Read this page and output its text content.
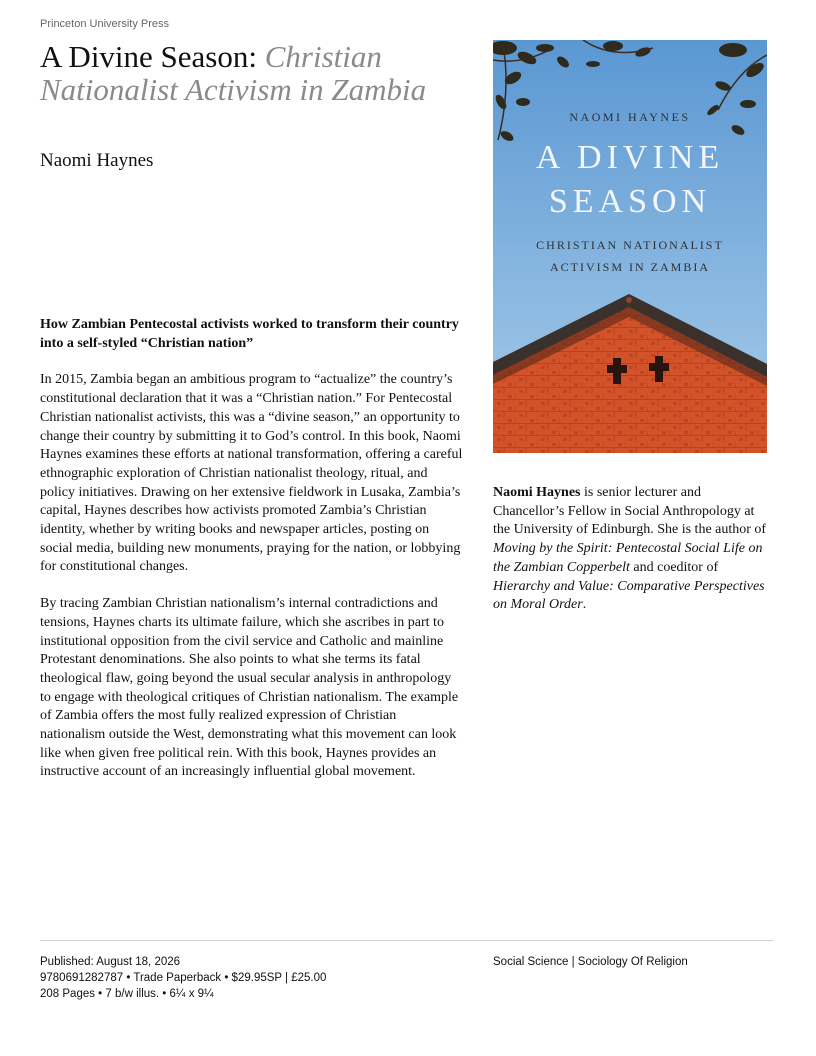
Princeton University Press
A Divine Season: Christian Nationalist Activism in Zambia
Naomi Haynes

How Zambian Pentecostal activists worked to transform their country into a self-styled “Christian nation”

In 2015, Zambia began an ambitious program to “actualize” the country’s constitutional declaration that it was a “Christian nation.” For Pentecostal Christian nationalist activists, this was a “divine season,” an opportunity to change their country by submitting it to God’s control. In this book, Naomi Haynes examines these efforts at national transformation, offering a careful ethnographic exploration of Christian nationalist theology, ritual, and policy initiatives. Drawing on her extensive fieldwork in Lusaka, Zambia’s capital, Haynes describes how activists promoted Zambia’s Christian identity, whether by writing books and newspaper articles, posting on social media, building new monuments, praying for the nation, or lobbying for constitutional changes.

By tracing Zambian Christian nationalism’s internal contradictions and tensions, Haynes charts its ultimate failure, which she ascribes in part to institutional opposition from the civil service and Catholic and mainline Protestant denominations. She also points to what she terms its fatal theological flaw, going beyond the usual secular analysis in anthropology to engage with theological critiques of Christian nationalism. The example of Zambia offers the most fully realized expression of Christian nationalism outside the West, demonstrating what this movement can look like when given free political rein. With this book, Haynes provides an instructive account of an increasingly influential global movement.

NAOMI HAYNES
A DIVINE
SEASON
CHRISTIAN NATIONALIST
ACTIVISM IN ZAMBIA
Naomi Haynes is senior lecturer and Chancellor’s Fellow in Social Anthropology at the University of Edinburgh. She is the author of Moving by the Spirit: Pentecostal Social Life on the Zambian Copperbelt and coeditor of Hierarchy and Value: Comparative Perspectives on Moral Order.
Published: August 18, 2026
9780691282787 • Trade Paperback • $29.95SP | £25.00
208 Pages • 7 b/w illus. • 6¼ x 9¼
Social Science | Sociology Of Religion
